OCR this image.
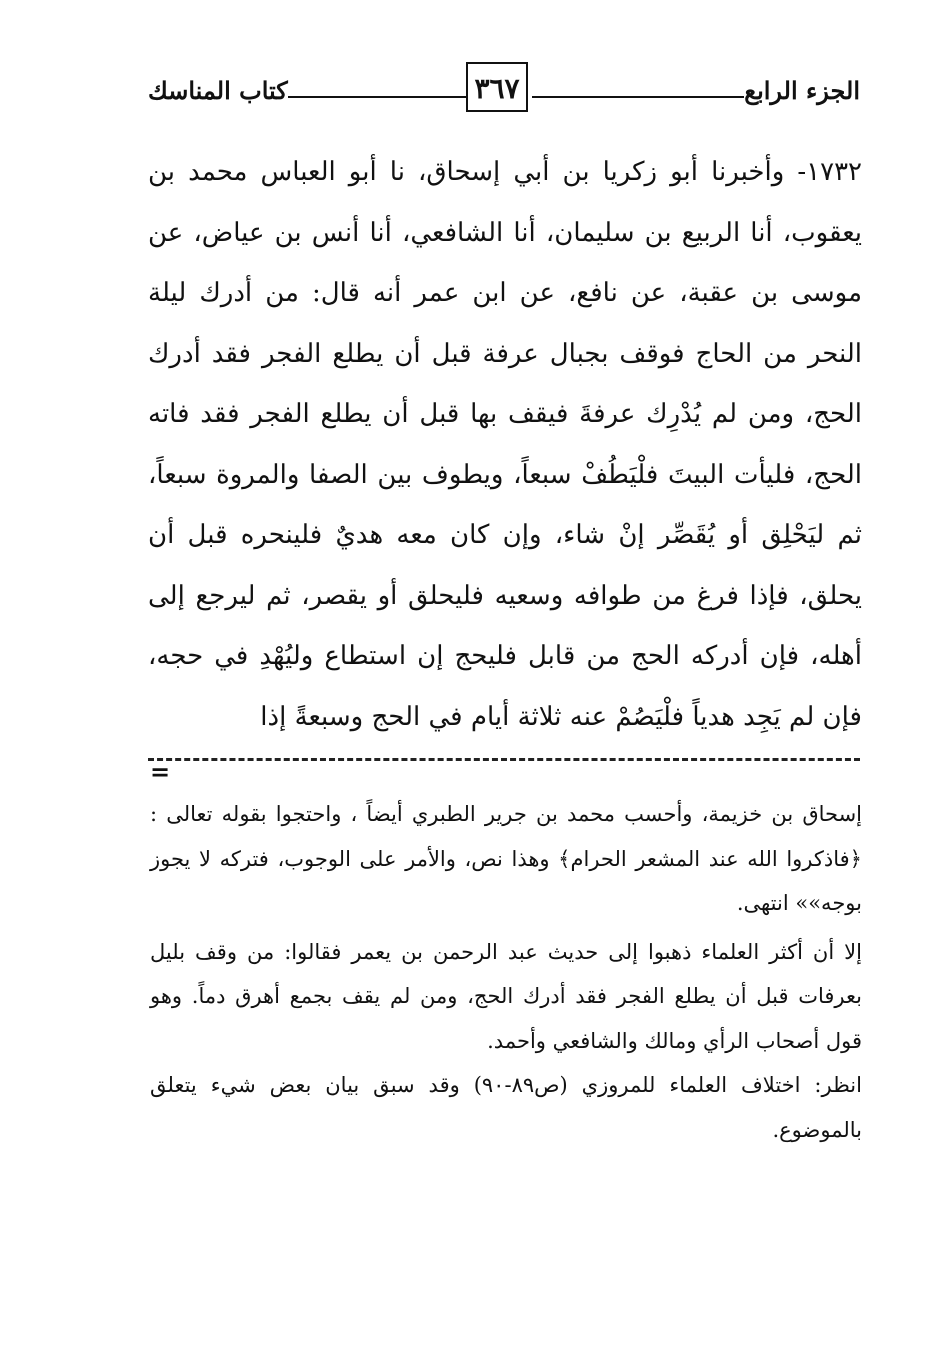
الجزء الرابع
٣٦٧
كتاب المناسك

١٧٣٢- وأخبرنا أبو زكريا بن أبي إسحاق، نا أبو العباس محمد بن يعقوب، أنا الربيع بن سليمان، أنا الشافعي، أنا أنس بن عياض، عن موسى بن عقبة، عن نافع، عن ابن عمر أنه قال: من أدرك ليلة النحر من الحاج فوقف بجبال عرفة قبل أن يطلع الفجر فقد أدرك الحج، ومن لم يُدْرِك عرفةَ فيقف بها قبل أن يطلع الفجر فقد فاته الحج، فليأت البيتَ فلْيَطُفْ سبعاً، ويطوف بين الصفا والمروة سبعاً، ثم ليَحْلِق أو يُقَصِّر إنْ شاء، وإن كان معه هديٌ فلينحره قبل أن يحلق، فإذا فرغ من طوافه وسعيه فليحلق أو يقصر، ثم ليرجع إلى أهله، فإن أدركه الحج من قابل فليحج إن استطاع وليُهْدِ في حجه، فإن لم يَجِد هدياً فلْيَصُمْ عنه ثلاثة أيام في الحج وسبعةً إذا

=

إسحاق بن خزيمة، وأحسب محمد بن جرير الطبري أيضاً ، واحتجوا بقوله تعالى : ﴿فاذكروا الله عند المشعر الحرام﴾ وهذا نص، والأمر على الوجوب، فتركه لا يجوز بوجه»» انتهى.

إلا أن أكثر العلماء ذهبوا إلى حديث عبد الرحمن بن يعمر فقالوا: من وقف بليل بعرفات قبل أن يطلع الفجر فقد أدرك الحج، ومن لم يقف بجمع أهرق دماً. وهو قول أصحاب الرأي ومالك والشافعي وأحمد.

انظر: اختلاف العلماء للمروزي (ص٨٩-٩٠) وقد سبق بيان بعض شيء يتعلق بالموضوع.
